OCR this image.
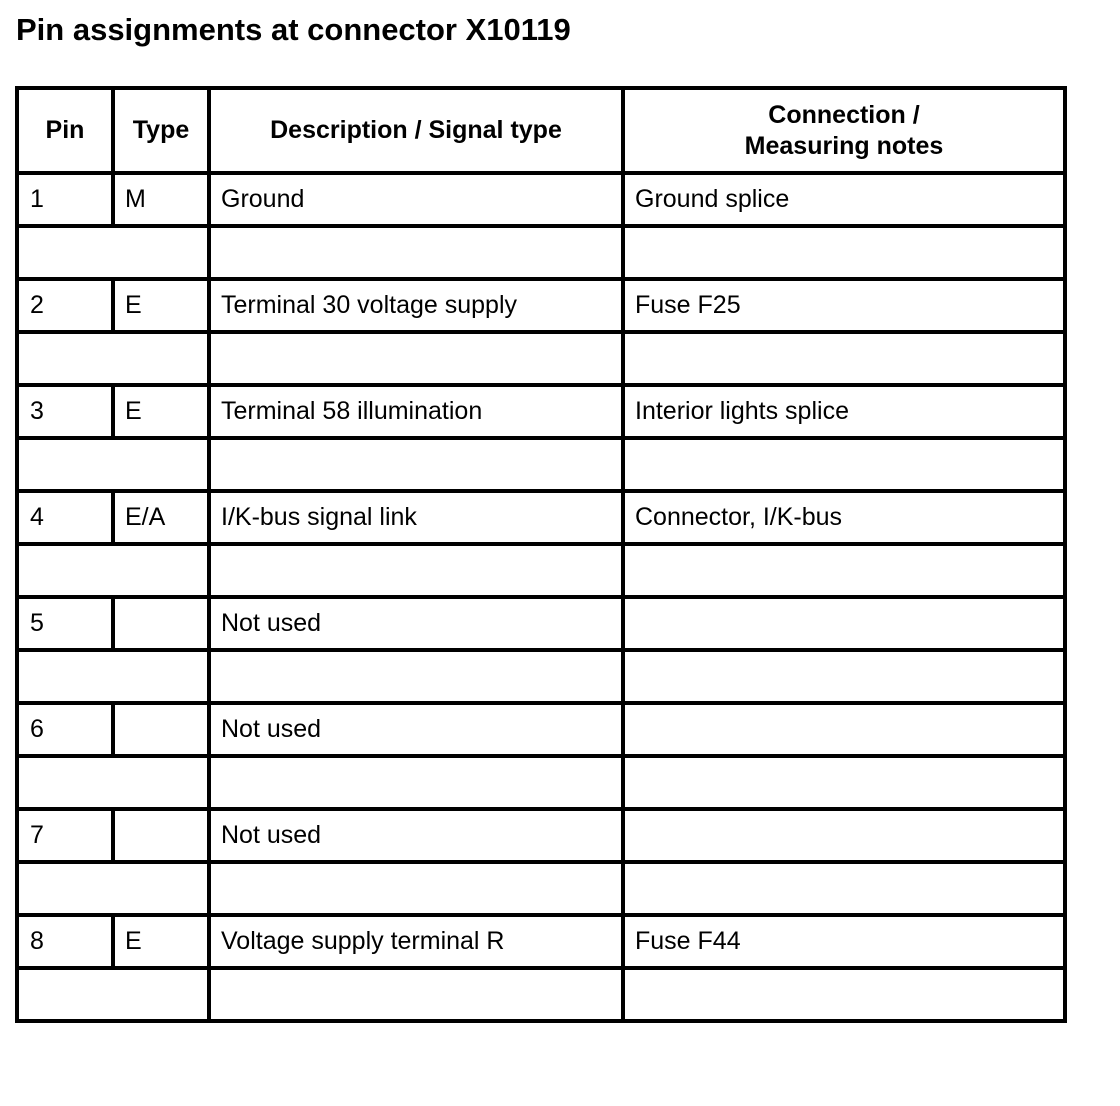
Pin assignments at connector X10119
Pin	Type	Description / Signal type	Connection /
Measuring notes

1	M	Ground	Ground splice

2	E	Terminal 30 voltage supply	Fuse F25

3	E	Terminal 58 illumination	Interior lights splice

4	E/A	I/K-bus signal link	Connector, I/K-bus

5		Not used	

6		Not used	

7		Not used	

8	E	Voltage supply terminal R	Fuse F44
